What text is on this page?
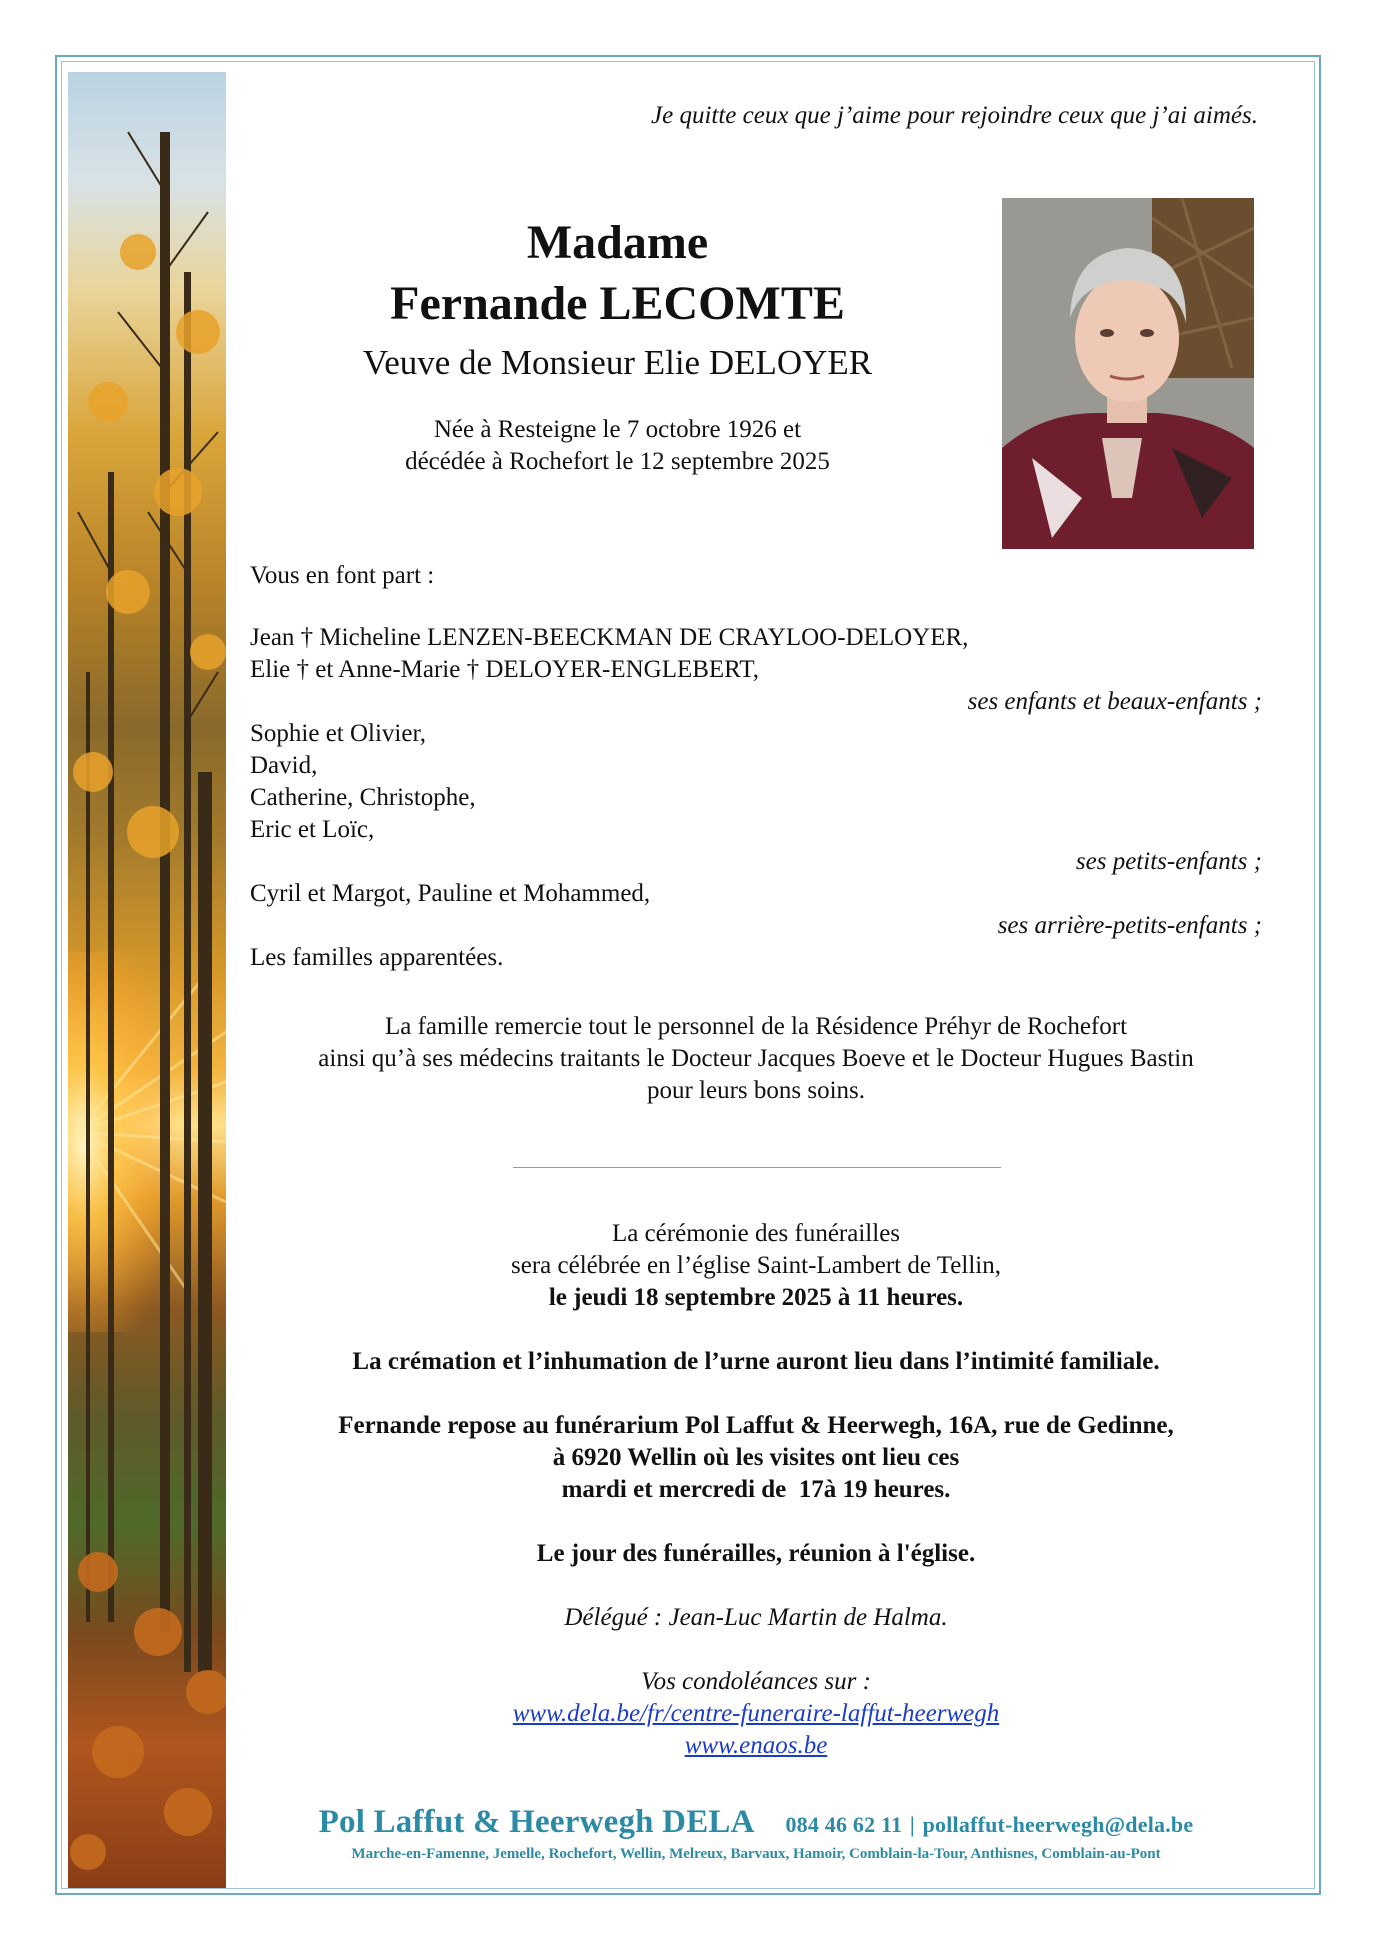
Je quitte ceux que j’aime pour rejoindre ceux que j’ai aimés.
Madame
Fernande LECOMTE
Veuve de Monsieur Elie DELOYER
Née à Resteigne le 7 octobre 1926 et
décédée à Rochefort le 12 septembre 2025
Vous en font part :
Jean † Micheline LENZEN-BEECKMAN DE CRAYLOO-DELOYER,
Elie † et Anne-Marie † DELOYER-ENGLEBERT,
ses enfants et beaux-enfants ;
Sophie et Olivier,
David,
Catherine, Christophe,
Eric et Loïc,
ses petits-enfants ;
Cyril et Margot, Pauline et Mohammed,
ses arrière-petits-enfants ;
Les familles apparentées.
La famille remercie tout le personnel de la Résidence Préhyr de Rochefort
ainsi qu’à ses médecins traitants le Docteur Jacques Boeve et le Docteur Hugues Bastin
pour leurs bons soins.
La cérémonie des funérailles
sera célébrée en l’église Saint-Lambert de Tellin,
le jeudi 18 septembre 2025 à 11 heures.
La crémation et l’inhumation de l’urne auront lieu dans l’intimité familiale.
Fernande repose au funérarium Pol Laffut & Heerwegh, 16A, rue de Gedinne,
à 6920 Wellin où les visites ont lieu ces
mardi et mercredi de  17à 19 heures.
Le jour des funérailles, réunion à l'église.
Délégué : Jean-Luc Martin de Halma.
Vos condoléances sur :
www.dela.be/fr/centre-funeraire-laffut-heerwegh
www.enaos.be
Pol Laffut & Heerwegh DELA 084 46 62 11 | pollaffut-heerwegh@dela.be
Marche-en-Famenne, Jemelle, Rochefort, Wellin, Melreux, Barvaux, Hamoir, Comblain-la-Tour, Anthisnes, Comblain-au-Pont
